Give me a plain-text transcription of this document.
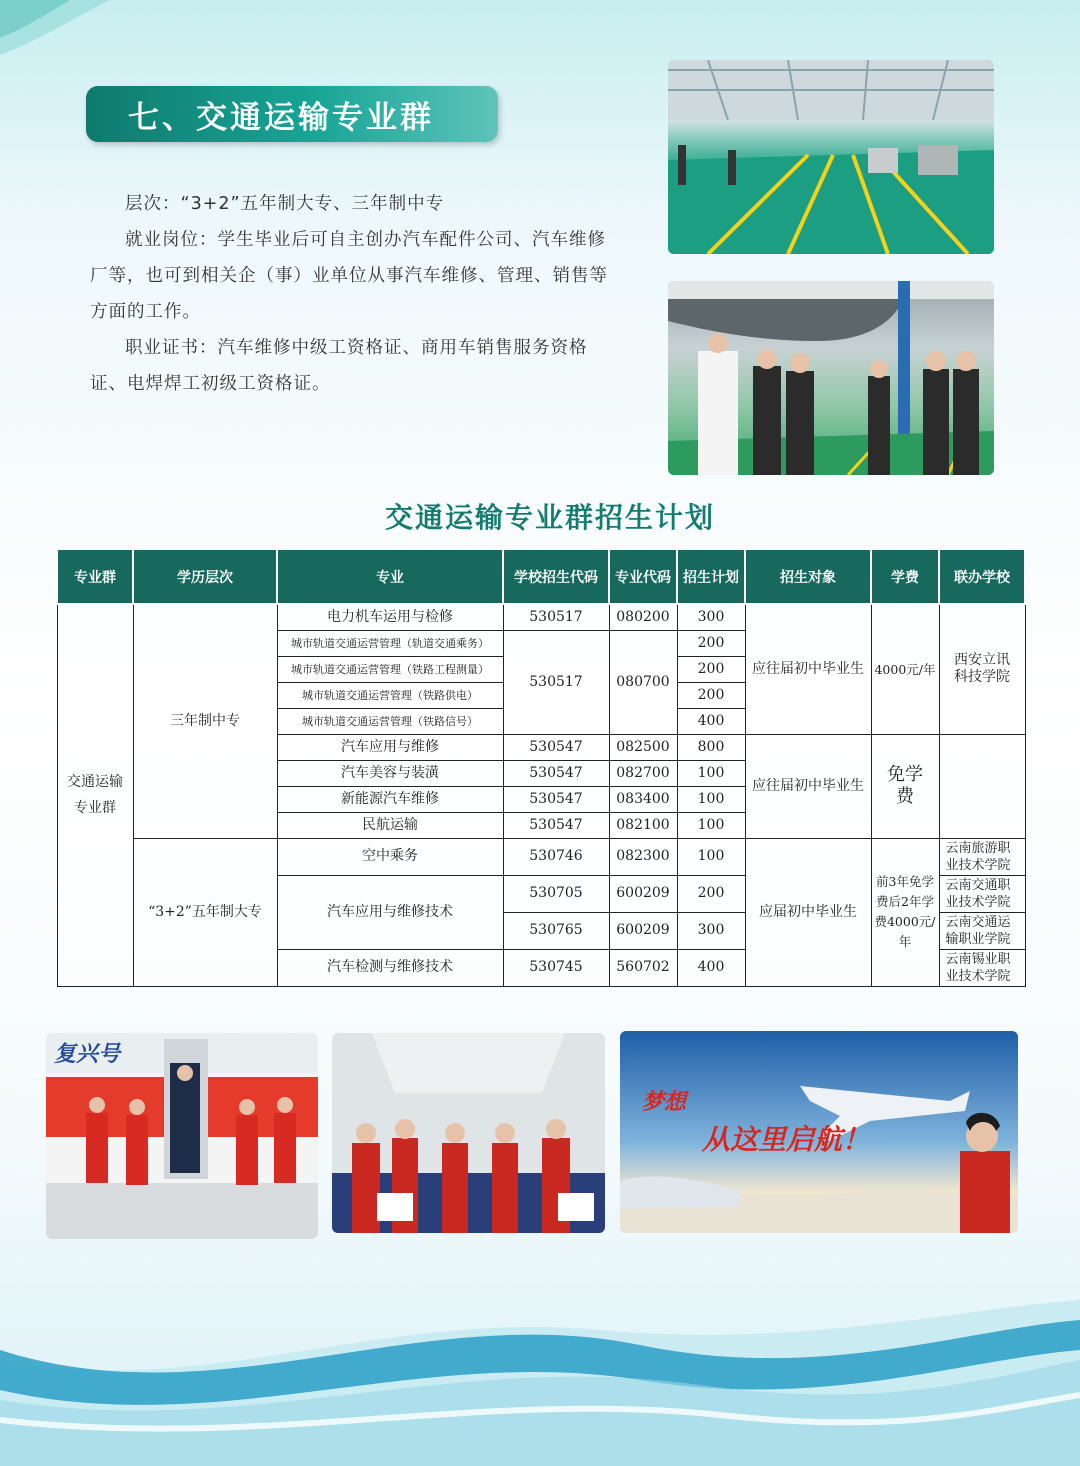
七、交通运输专业群

层次：“3+2”五年制大专、三年制中专

就业岗位：学生毕业后可自主创办汽车配件公司、汽车维修厂等，也可到相关企（事）业单位从事汽车维修、管理、销售等方面的工作。

职业证书：汽车维修中级工资格证、商用车销售服务资格证、电焊焊工初级工资格证。

交通运输专业群招生计划
专业群	学历层次	专业	学校招生代码	专业代码	招生计划	招生对象	学费	联办学校
交通运输专业群	三年制中专	电力机车运用与检修	530517	080200	300	应往届初中毕业生	4000元/年	西安立讯科技学院
		城市轨道交通运营管理（轨道交通乘务）	530517	080700	200			
		城市轨道交通运营管理（铁路工程测量）			200			
		城市轨道交通运营管理（铁路供电）			200			
		城市轨道交通运营管理（铁路信号）			400			
		汽车应用与维修	530547	082500	800	应往届初中毕业生	免学费	
		汽车美容与装潢	530547	082700	100			
		新能源汽车维修	530547	083400	100			
		民航运输	530547	082100	100			
	“3+2”五年制大专	空中乘务	530746	082300	100	应届初中毕业生	前3年免学费后2年学费4000元/年	云南旅游职业技术学院
		汽车应用与维修技术	530705	600209	200			云南交通职业技术学院
			530765	600209	300			云南交通运输职业学院
		汽车检测与维修技术	530745	560702	400			云南锡业职业技术学院
复兴号
梦想
从这里启航！
